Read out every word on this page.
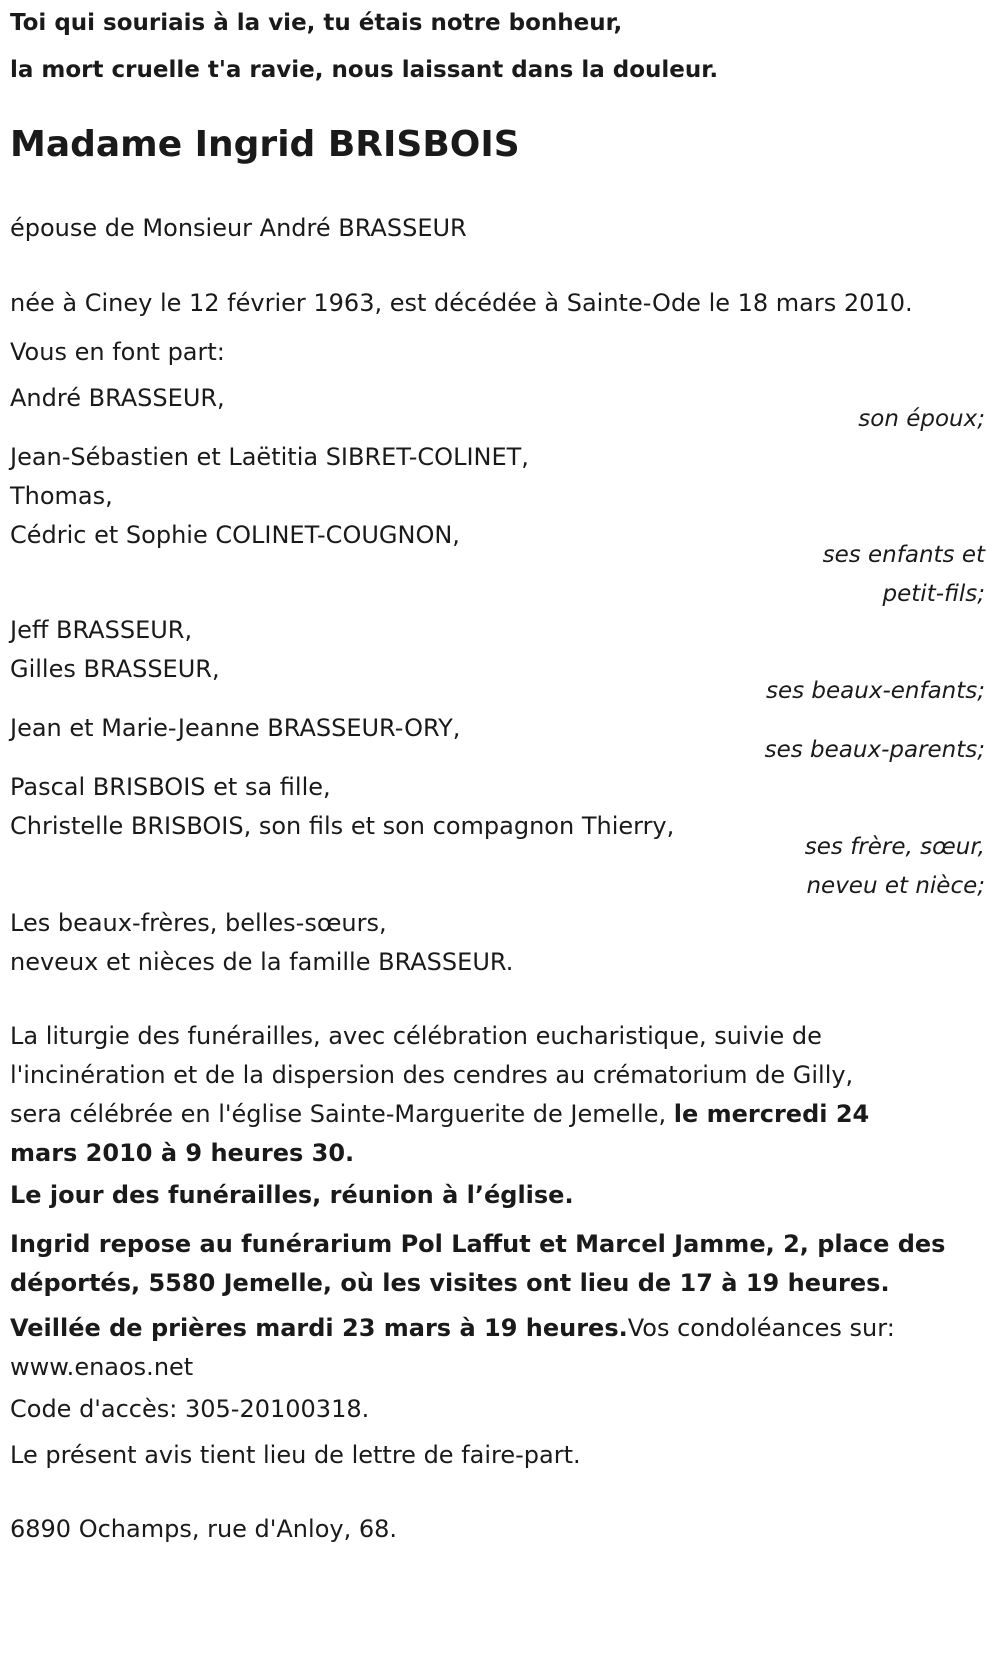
Toi qui souriais à la vie, tu étais notre bonheur,
la mort cruelle t'a ravie, nous laissant dans la douleur.
Madame Ingrid BRISBOIS
épouse de Monsieur André BRASSEUR
née à Ciney le 12 février 1963, est décédée à Sainte-Ode le 18 mars 2010.
Vous en font part:
André BRASSEUR,
son époux;
Jean-Sébastien et Laëtitia SIBRET-COLINET,
Thomas,
Cédric et Sophie COLINET-COUGNON,
ses enfants et
petit-fils;
Jeff BRASSEUR,
Gilles BRASSEUR,
ses beaux-enfants;
Jean et Marie-Jeanne BRASSEUR-ORY,
ses beaux-parents;
Pascal BRISBOIS et sa fille,
Christelle BRISBOIS, son fils et son compagnon Thierry,
ses frère, sœur,
neveu et nièce;
Les beaux-frères, belles-sœurs,
neveux et nièces de la famille BRASSEUR.
La liturgie des funérailles, avec célébration eucharistique, suivie de
l'incinération et de la dispersion des cendres au crématorium de Gilly,
sera célébrée en l'église Sainte-Marguerite de Jemelle, le mercredi 24
mars 2010 à 9 heures 30.
Le jour des funérailles, réunion à l’église.
Ingrid repose au funérarium Pol Laffut et Marcel Jamme, 2, place des
déportés, 5580 Jemelle, où les visites ont lieu de 17 à 19 heures.
Veillée de prières mardi 23 mars à 19 heures.Vos condoléances sur:
www.enaos.net
Code d'accès: 305-20100318.
Le présent avis tient lieu de lettre de faire-part.
6890 Ochamps, rue d'Anloy, 68.
